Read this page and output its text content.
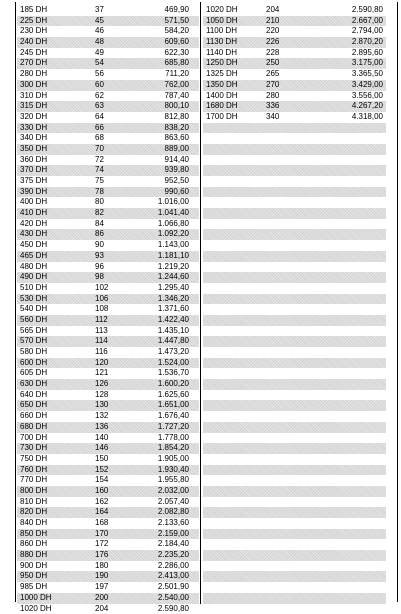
185 DH	37	469,90
225 DH	45	571,50
230 DH	46	584,20
240 DH	48	609,60
245 DH	49	622,30
270 DH	54	685,80
280 DH	56	711,20
300 DH	60	762,00
310 DH	62	787,40
315 DH	63	800,10
320 DH	64	812,80
330 DH	66	838,20
340 DH	68	863,60
350 DH	70	889,00
360 DH	72	914,40
370 DH	74	939,80
375 DH	75	952,50
390 DH	78	990,60
400 DH	80	1.016,00
410 DH	82	1.041,40
420 DH	84	1.066,80
430 DH	86	1.092,20
450 DH	90	1.143,00
465 DH	93	1.181,10
480 DH	96	1.219,20
490 DH	98	1.244,60
510 DH	102	1.295,40
530 DH	106	1.346,20
540 DH	108	1.371,60
560 DH	112	1.422,40
565 DH	113	1.435,10
570 DH	114	1.447,80
580 DH	116	1.473,20
600 DH	120	1.524,00
605 DH	121	1.536,70
630 DH	126	1.600,20
640 DH	128	1.625,60
650 DH	130	1.651,00
660 DH	132	1.676,40
680 DH	136	1.727,20
700 DH	140	1.778,00
730 DH	146	1.854,20
750 DH	150	1.905,00
760 DH	152	1.930,40
770 DH	154	1.955,80
800 DH	160	2.032,00
810 DH	162	2.057,40
820 DH	164	2.082,80
840 DH	168	2.133,60
850 DH	170	2.159,00
860 DH	172	2.184,40
880 DH	176	2.235,20
900 DH	180	2.286,00
950 DH	190	2.413,00
985 DH	197	2.501,90
1000 DH	200	2.540,00
1020 DH	204	2.590,80
1020 DH	204	2.590,80
1050 DH	210	2.667,00
1100 DH	220	2.794,00
1130 DH	226	2.870,20
1140 DH	228	2.895,60
1250 DH	250	3.175,00
1325 DH	265	3.365,50
1350 DH	270	3.429,00
1400 DH	280	3.556,00
1680 DH	336	4.267,20
1700 DH	340	4.318,00
